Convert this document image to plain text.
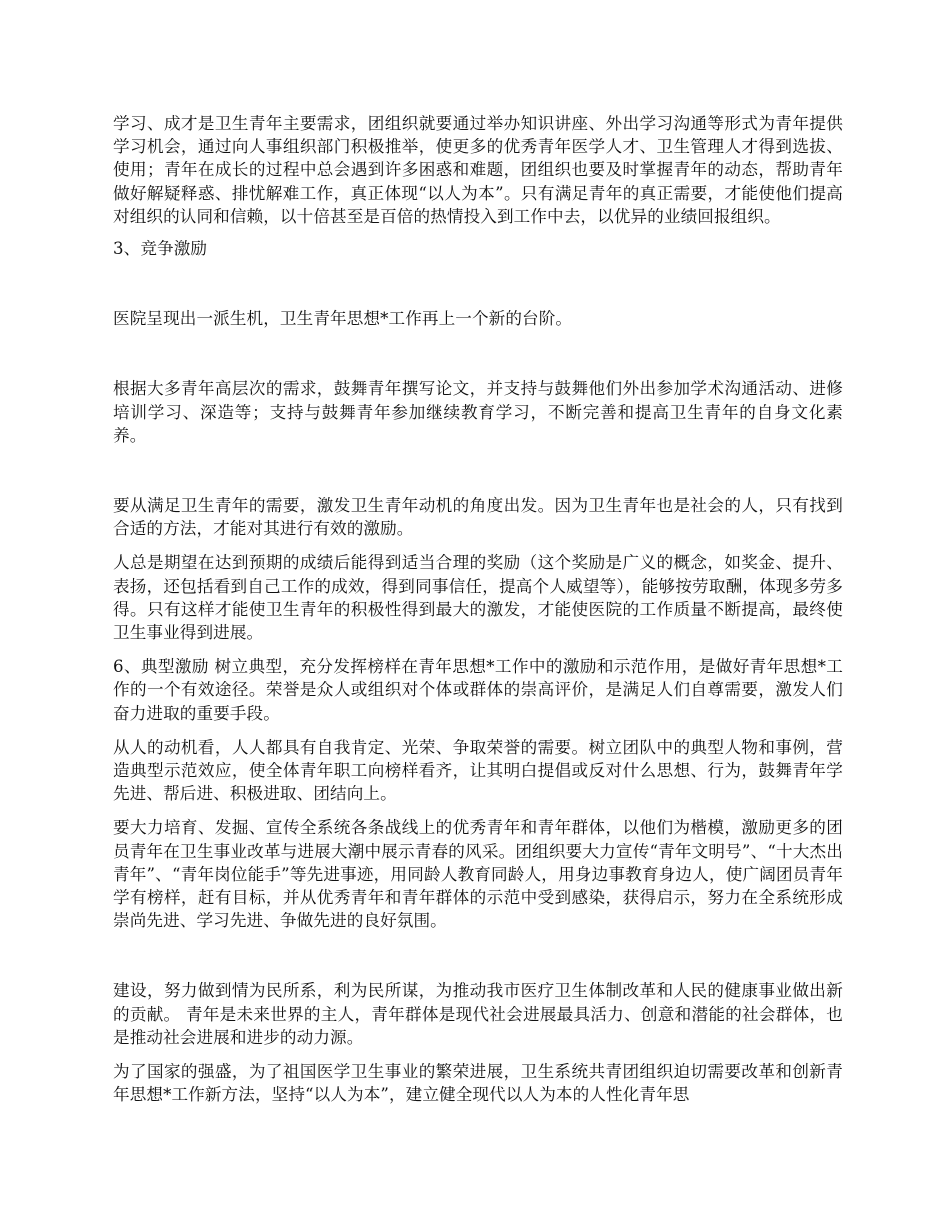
学习、成才是卫生青年主要需求，团组织就要通过举办知识讲座、外出学习沟通等形式为青年提供学习机会，通过向人事组织部门积极推举，使更多的优秀青年医学人才、卫生管理人才得到选拔、使用；青年在成长的过程中总会遇到许多困惑和难题，团组织也要及时掌握青年的动态，帮助青年做好解疑释惑、排忧解难工作，真正体现“以人为本”。只有满足青年的真正需要，才能使他们提高对组织的认同和信赖，以十倍甚至是百倍的热情投入到工作中去，以优异的业绩回报组织。

3、竞争激励

医院呈现出一派生机，卫生青年思想*工作再上一个新的台阶。

根据大多青年高层次的需求，鼓舞青年撰写论文，并支持与鼓舞他们外出参加学术沟通活动、进修培训学习、深造等；支持与鼓舞青年参加继续教育学习，不断完善和提高卫生青年的自身文化素养。

要从满足卫生青年的需要，激发卫生青年动机的角度出发。因为卫生青年也是社会的人，只有找到合适的方法，才能对其进行有效的激励。

人总是期望在达到预期的成绩后能得到适当合理的奖励（这个奖励是广义的概念，如奖金、提升、表扬，还包括看到自己工作的成效，得到同事信任，提高个人威望等），能够按劳取酬，体现多劳多得。只有这样才能使卫生青年的积极性得到最大的激发，才能使医院的工作质量不断提高，最终使卫生事业得到进展。

6、典型激励 树立典型，充分发挥榜样在青年思想*工作中的激励和示范作用，是做好青年思想*工作的一个有效途径。荣誉是众人或组织对个体或群体的崇高评价，是满足人们自尊需要，激发人们奋力进取的重要手段。

从人的动机看，人人都具有自我肯定、光荣、争取荣誉的需要。树立团队中的典型人物和事例，营造典型示范效应，使全体青年职工向榜样看齐，让其明白提倡或反对什么思想、行为，鼓舞青年学先进、帮后进、积极进取、团结向上。

要大力培育、发掘、宣传全系统各条战线上的优秀青年和青年群体，以他们为楷模，激励更多的团员青年在卫生事业改革与进展大潮中展示青春的风采。团组织要大力宣传“青年文明号”、“十大杰出青年”、“青年岗位能手”等先进事迹，用同龄人教育同龄人，用身边事教育身边人，使广阔团员青年学有榜样，赶有目标，并从优秀青年和青年群体的示范中受到感染，获得启示，努力在全系统形成崇尚先进、学习先进、争做先进的良好氛围。

建设，努力做到情为民所系，利为民所谋，为推动我市医疗卫生体制改革和人民的健康事业做出新的贡献。 青年是未来世界的主人，青年群体是现代社会进展最具活力、创意和潜能的社会群体，也是推动社会进展和进步的动力源。

为了国家的强盛，为了祖国医学卫生事业的繁荣进展，卫生系统共青团组织迫切需要改革和创新青年思想*工作新方法，坚持“以人为本”，建立健全现代以人为本的人性化青年思
